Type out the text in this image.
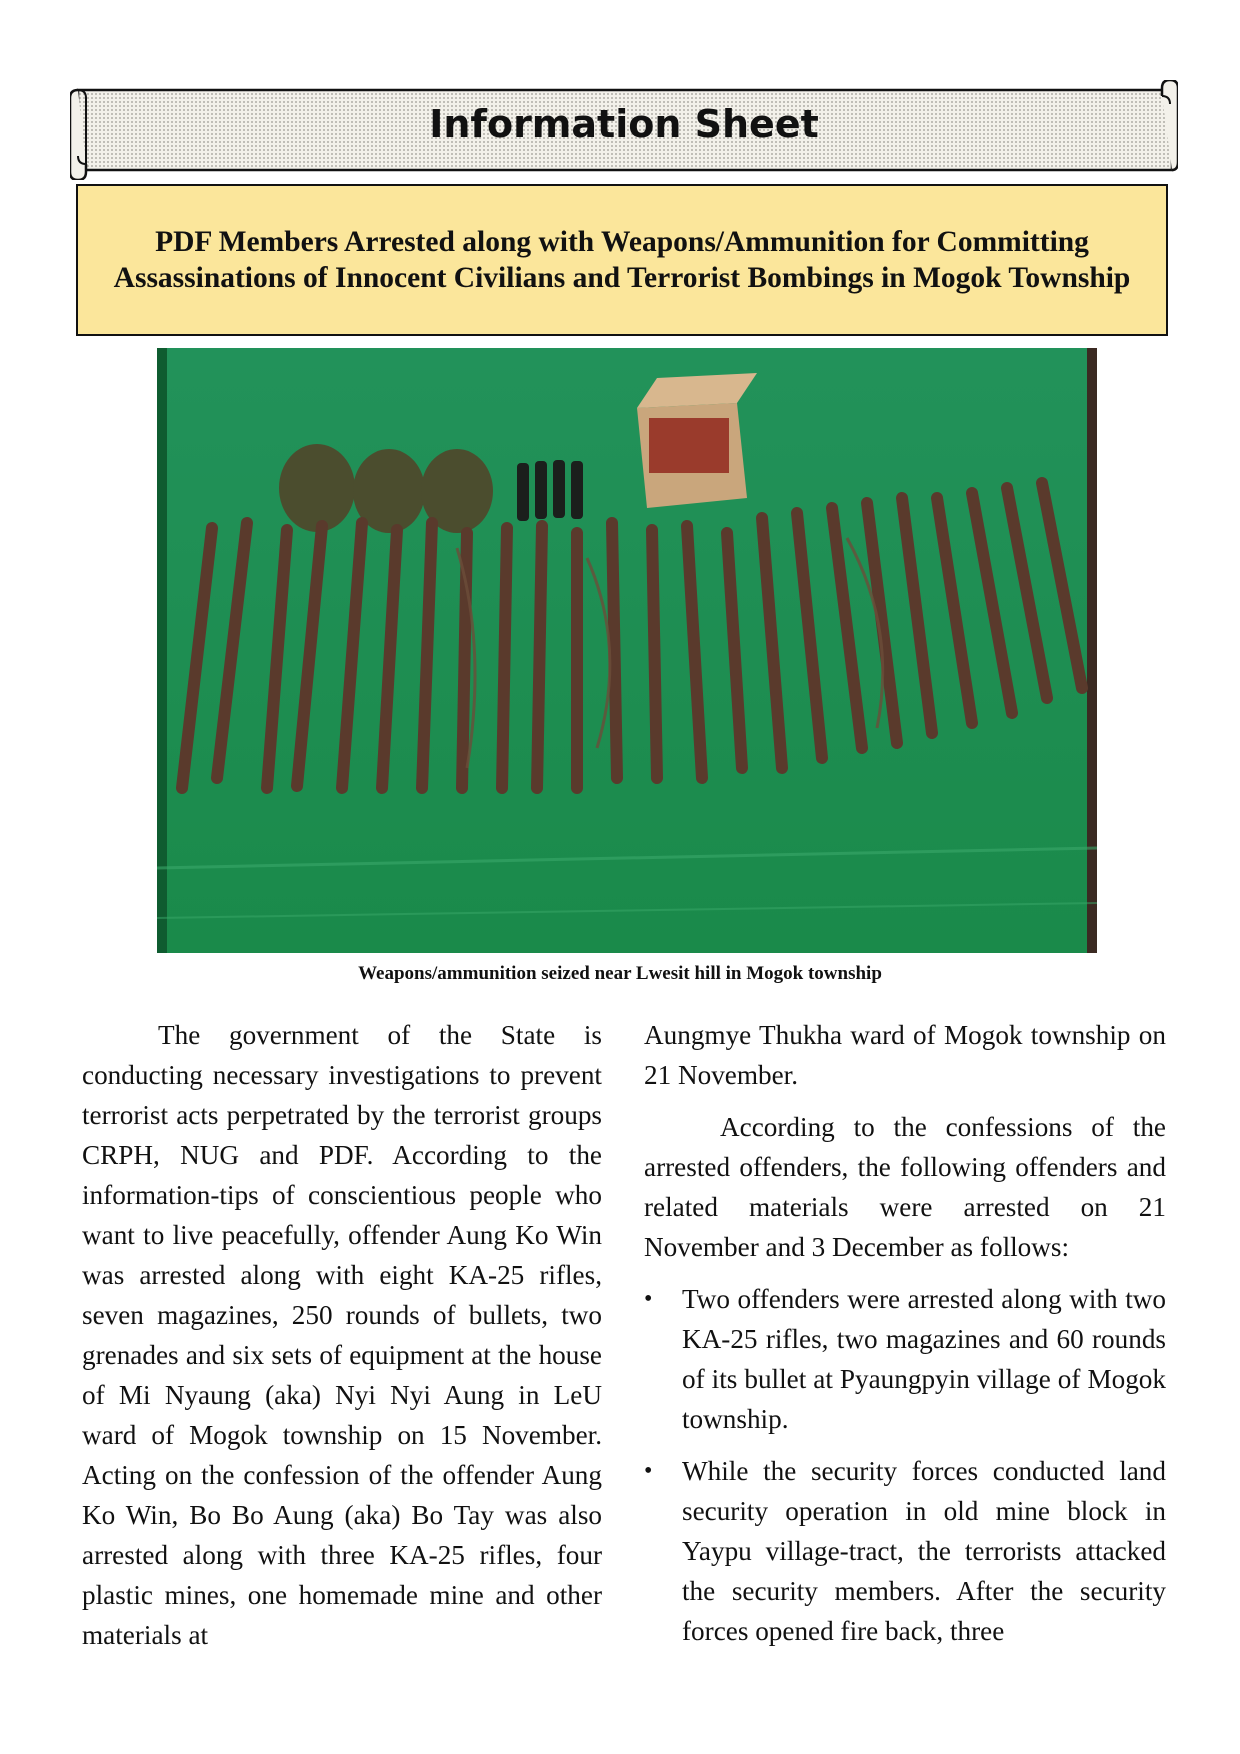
Information Sheet
PDF Members Arrested along with Weapons/Ammunition for Committing Assassinations of Innocent Civilians and Terrorist Bombings in Mogok Township
Weapons/ammunition seized near Lwesit hill in Mogok township

The government of the State is conducting necessary investigations to prevent terrorist acts perpetrated by the terrorist groups CRPH, NUG and PDF. According to the information-tips of conscientious people who want to live peacefully, offender Aung Ko Win was arrested along with eight KA-25 rifles, seven magazines, 250 rounds of bullets, two grenades and six sets of equipment at the house of Mi Nyaung (aka) Nyi Nyi Aung in LeU ward of Mogok township on 15 November. Acting on the confession of the offender Aung Ko Win, Bo Bo Aung (aka) Bo Tay was also arrested along with three KA-25 rifles, four plastic mines, one homemade mine and other materials at

Aungmye Thukha ward of Mogok township on 21 November.

According to the confessions of the arrested offenders, the following offenders and related materials were arrested on 21 November and 3 December as follows:

•	Two offenders were arrested along with two KA-25 rifles, two magazines and 60 rounds of its bullet at Pyaungpyin village of Mogok township.
•	While the security forces conducted land security operation in old mine block in Yaypu village-tract, the terrorists attacked the security members. After the security forces opened fire back, three
